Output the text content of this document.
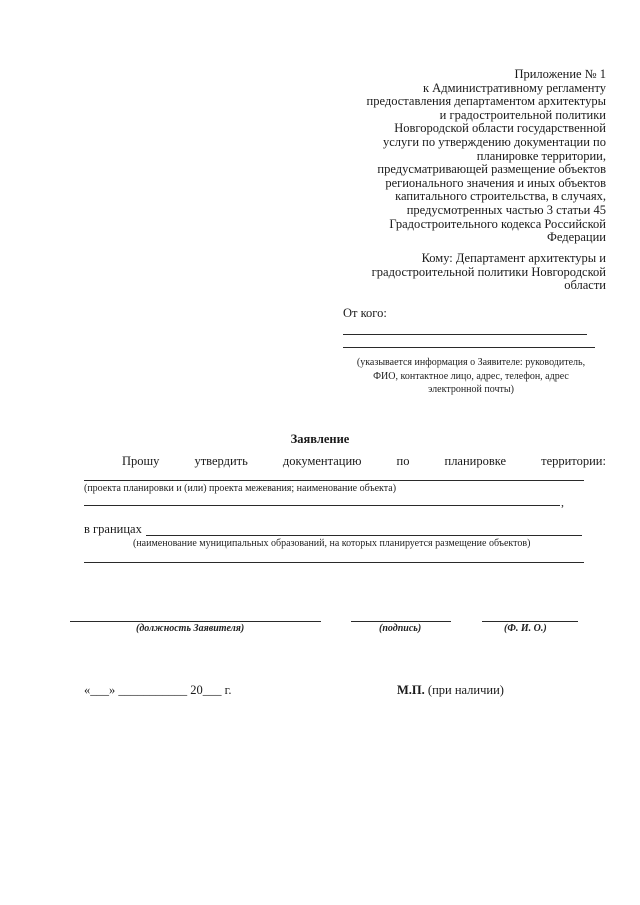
Приложение № 1
к Административному регламенту
предоставления департаментом архитектуры
и градостроительной политики
Новгородской области государственной
услуги по утверждению документации по
планировке территории,
предусматривающей размещение объектов
регионального значения и иных объектов
капитального строительства, в случаях,
предусмотренных частью 3 статьи 45
Градостроительного кодекса Российской
Федерации
Кому: Департамент архитектуры и
градостроительной политики Новгородской
области
От кого:
(указывается информация о Заявителе: руководитель,
ФИО, контактное лицо, адрес, телефон, адрес
электронной почты)
Заявление
Прошу	утвердить	документацию	по	планировке	территории:
(проекта планировки и (или) проекта межевания; наименование объекта)
,
в границах
(наименование муниципальных образований, на которых планируется размещение объектов)
(должность Заявителя)	(подпись)	(Ф. И. О.)
«___» ___________ 20___ г.	М.П. (при наличии)
